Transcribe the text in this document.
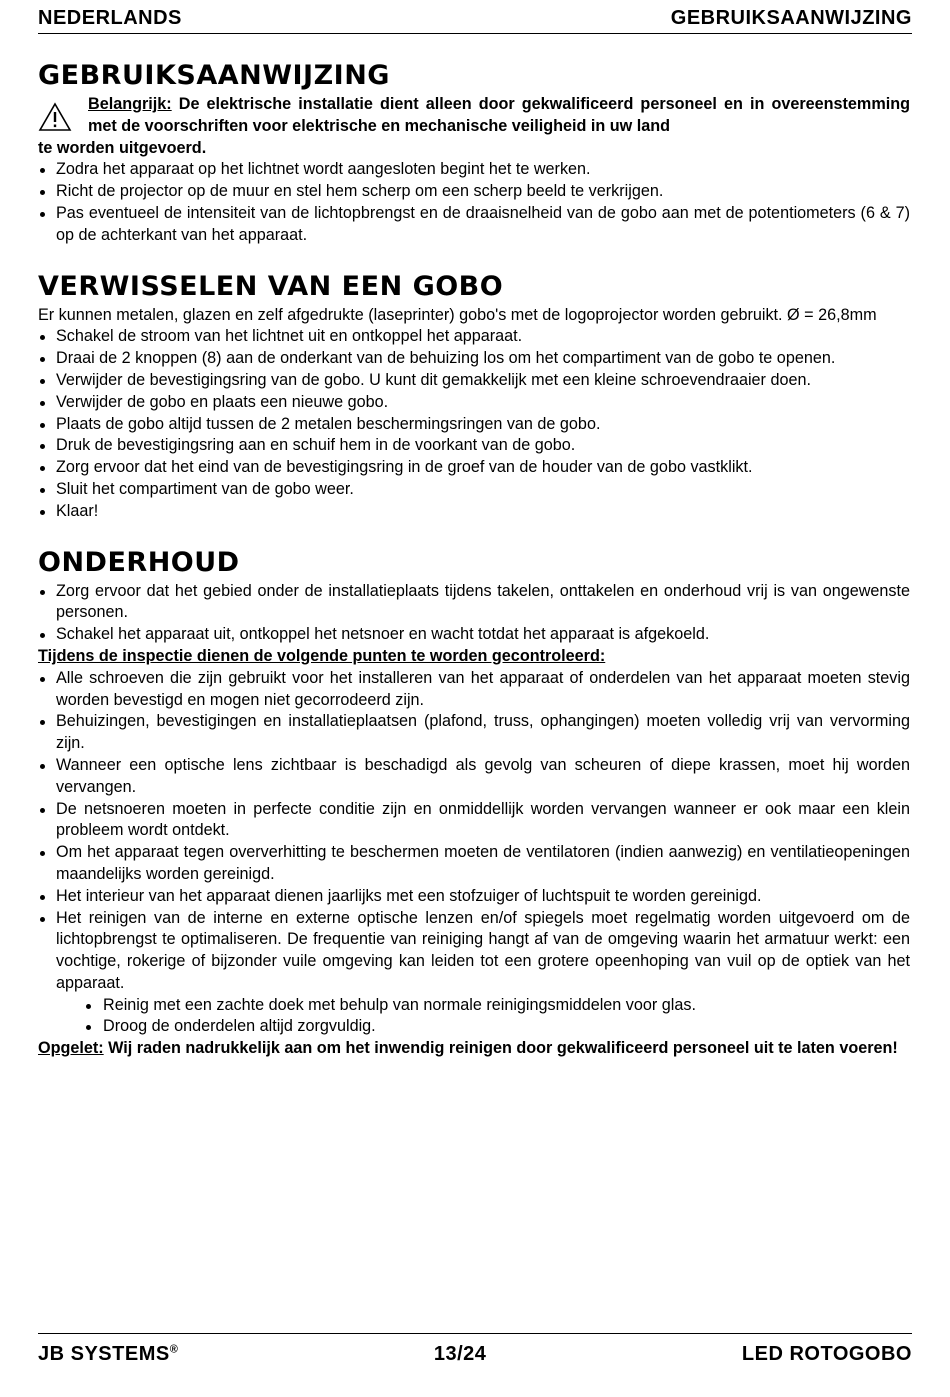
NEDERLANDS	GEBRUIKSAANWIJZING
GEBRUIKSAANWIJZING
Belangrijk: De elektrische installatie dient alleen door gekwalificeerd personeel en in overeenstemming met de voorschriften voor elektrische en mechanische veiligheid in uw land
te worden uitgevoerd.
Zodra het apparaat op het lichtnet wordt aangesloten begint het te werken.
Richt de projector op de muur en stel hem scherp om een scherp beeld te verkrijgen.
Pas eventueel de intensiteit van de lichtopbrengst en de draaisnelheid van de gobo aan met de potentiometers (6 & 7) op de achterkant van het apparaat.
VERWISSELEN VAN EEN GOBO

Er kunnen metalen, glazen en zelf afgedrukte (laseprinter) gobo's met de logoprojector worden gebruikt. Ø = 26,8mm

Schakel de stroom van het lichtnet uit en ontkoppel het apparaat.
Draai de 2 knoppen (8) aan de onderkant van de behuizing los om het compartiment van de gobo te openen.
Verwijder de bevestigingsring van de gobo. U kunt dit gemakkelijk met een kleine schroevendraaier doen.
Verwijder de gobo en plaats een nieuwe gobo.
Plaats de gobo altijd tussen de 2 metalen beschermingsringen van de gobo.
Druk de bevestigingsring aan en schuif hem in de voorkant van de gobo.
Zorg ervoor dat het eind van de bevestigingsring in de groef van de houder van de gobo vastklikt.
Sluit het compartiment van de gobo weer.
Klaar!
ONDERHOUD
Zorg ervoor dat het gebied onder de installatieplaats tijdens takelen, onttakelen en onderhoud vrij is van ongewenste personen.
Schakel het apparaat uit, ontkoppel het netsnoer en wacht totdat het apparaat is afgekoeld.

Tijdens de inspectie dienen de volgende punten te worden gecontroleerd:

Alle schroeven die zijn gebruikt voor het installeren van het apparaat of onderdelen van het apparaat moeten stevig worden bevestigd en mogen niet gecorrodeerd zijn.
Behuizingen, bevestigingen en installatieplaatsen (plafond, truss, ophangingen) moeten volledig vrij van vervorming zijn.
Wanneer een optische lens zichtbaar is beschadigd als gevolg van scheuren of diepe krassen, moet hij worden vervangen.
De netsnoeren moeten in perfecte conditie zijn en onmiddellijk worden vervangen wanneer er ook maar een klein probleem wordt ontdekt.
Om het apparaat tegen oververhitting te beschermen moeten de ventilatoren (indien aanwezig) en ventilatieopeningen maandelijks worden gereinigd.
Het interieur van het apparaat dienen jaarlijks met een stofzuiger of luchtspuit te worden gereinigd.
Het reinigen van de interne en externe optische lenzen en/of spiegels moet regelmatig worden uitgevoerd om de lichtopbrengst te optimaliseren. De frequentie van reiniging hangt af van de omgeving waarin het armatuur werkt: een vochtige, rokerige of bijzonder vuile omgeving kan leiden tot een grotere opeenhoping van vuil op de optiek van het apparaat.
Reinig met een zachte doek met behulp van normale reinigingsmiddelen voor glas.
Droog de onderdelen altijd zorgvuldig.

Opgelet: Wij raden nadrukkelijk aan om het inwendig reinigen door gekwalificeerd personeel uit te laten voeren!

JB SYSTEMS®	13/24	LED ROTOGOBO
